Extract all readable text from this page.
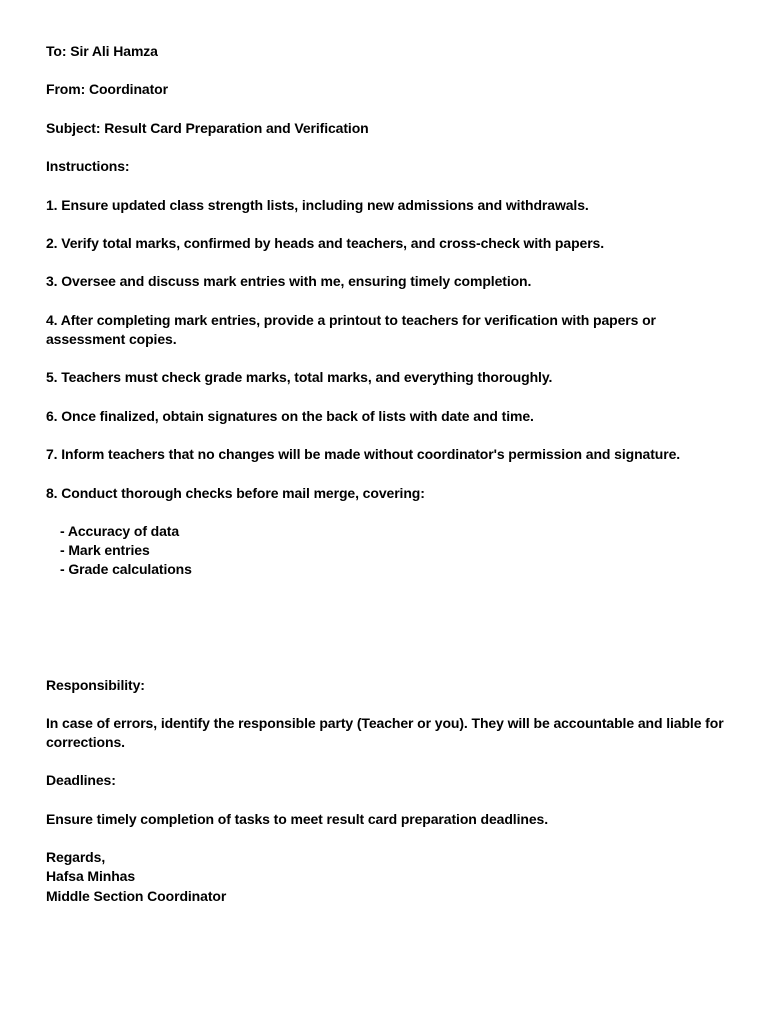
To: Sir Ali Hamza

From: Coordinator

Subject: Result Card Preparation and Verification

Instructions:

1. Ensure updated class strength lists, including new admissions and withdrawals.

2. Verify total marks, confirmed by heads and teachers, and cross-check with papers.

3. Oversee and discuss mark entries with me, ensuring timely completion.

4. After completing mark entries, provide a printout to teachers for verification with papers or assessment copies.

5. Teachers must check grade marks, total marks, and everything thoroughly.

6. Once finalized, obtain signatures on the back of lists with date and time.

7. Inform teachers that no changes will be made without coordinator's permission and signature.

8. Conduct thorough checks before mail merge, covering:

- Accuracy of data

- Mark entries

- Grade calculations

Responsibility:

In case of errors, identify the responsible party (Teacher or you). They will be accountable and liable for corrections.

Deadlines:

Ensure timely completion of tasks to meet result card preparation deadlines.

Regards,

Hafsa Minhas

Middle Section Coordinator
